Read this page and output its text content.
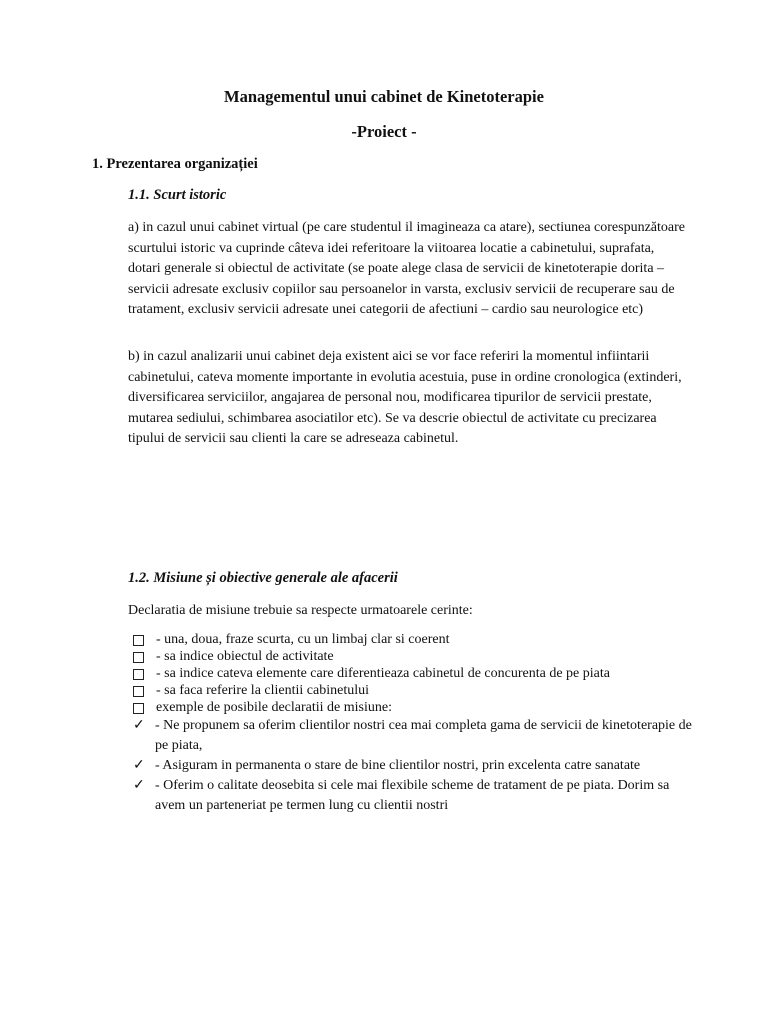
Managementul unui cabinet de Kinetoterapie
-Proiect -
1. Prezentarea organizației
1.1. Scurt istoric

a) in cazul unui cabinet virtual (pe care studentul il imagineaza ca atare), sectiunea corespunzătoare scurtului istoric va cuprinde câteva idei referitoare la viitoarea locatie a cabinetului, suprafata, dotari generale si obiectul de activitate (se poate alege clasa de servicii de kinetoterapie dorita – servicii adresate exclusiv copiilor sau persoanelor in varsta, exclusiv servicii de recuperare sau de tratament, exclusiv servicii adresate unei categorii de afectiuni – cardio sau neurologice etc)

b) in cazul analizarii unui cabinet deja existent aici se vor face referiri la momentul infiintarii cabinetului, cateva momente importante in evolutia acestuia, puse in ordine cronologica (extinderi, diversificarea serviciilor, angajarea de personal nou, modificarea tipurilor de servicii prestate, mutarea sediului, schimbarea asociatilor etc). Se va descrie obiectul de activitate cu precizarea tipului de servicii sau clienti la care se adreseaza cabinetul.

1.2. Misiune și obiective generale ale afacerii

Declaratia de misiune trebuie sa respecte urmatoarele cerinte:

- una, doua, fraze scurta, cu un limbaj clar si coerent
- sa indice obiectul de activitate
- sa indice cateva elemente care diferentieaza cabinetul de concurenta de pe piata
- sa faca referire la clientii cabinetului
exemple de posibile declaratii de misiune:
✓ - Ne propunem sa oferim clientilor nostri cea mai completa gama de servicii de kinetoterapie de pe piata,
✓ - Asiguram in permanenta o stare de bine clientilor nostri, prin excelenta catre sanatate
✓ - Oferim o calitate deosebita si cele mai flexibile scheme de tratament de pe piata. Dorim sa avem un parteneriat pe termen lung cu clientii nostri
